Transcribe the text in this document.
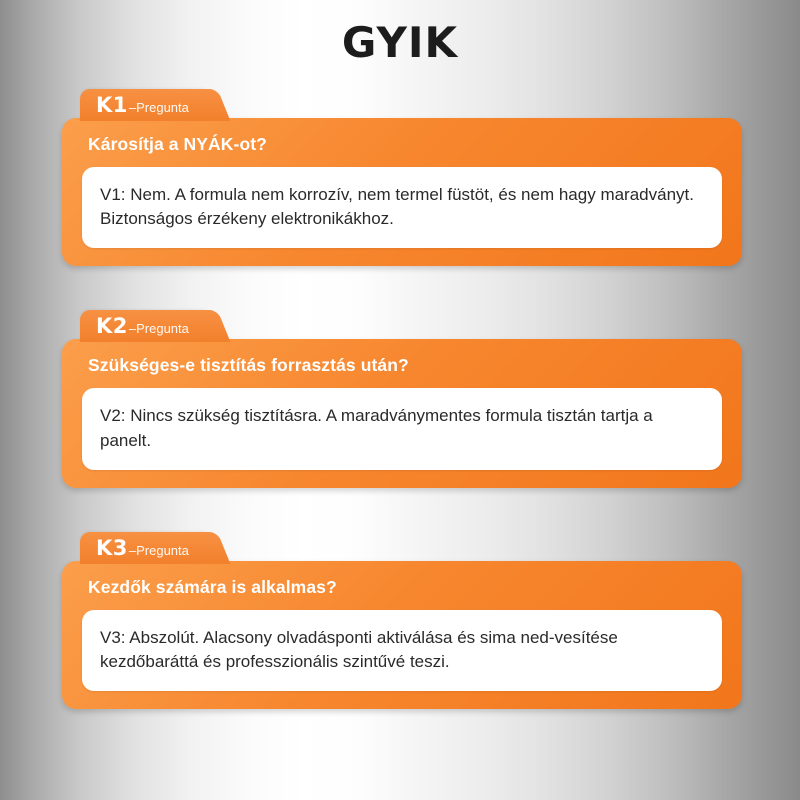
GYIK
K1–Pregunta
Károsítja a NYÁK-ot?
V1: Nem. A formula nem korrozív, nem termel füstöt, és nem hagy maradványt. Biztonságos érzékeny elektronikákhoz.
K2–Pregunta
Szükséges-e tisztítás forrasztás után?
V2: Nincs szükség tisztításra. A maradványmentes formula tisztán tartja a panelt.
K3–Pregunta
Kezdők számára is alkalmas?
V3: Abszolút. Alacsony olvadásponti aktiválása és sima ned-vesítése kezdőbaráttá és professzionális szintűvé teszi.
